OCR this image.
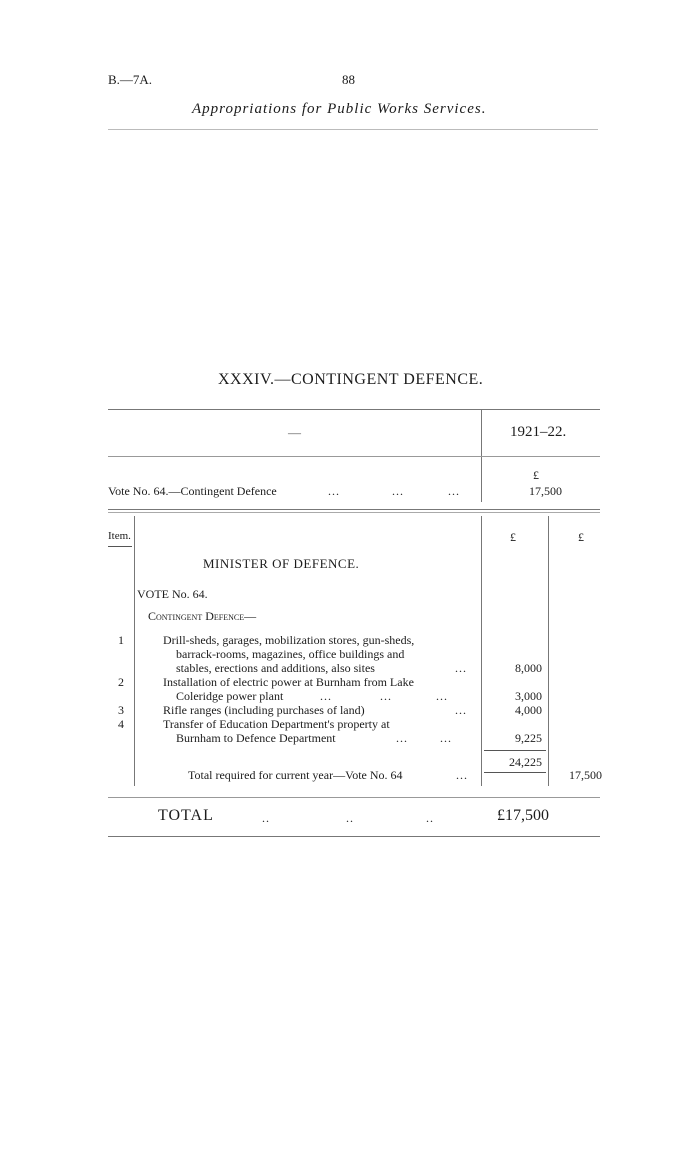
B.—7A.	88
Appropriations for Public Works Services.
XXXIV.—CONTINGENT DEFENCE.
—	1921–22.
£
Vote No. 64.—Contingent Defence	...             ...           ...	17,500
Item.	£	£
MINISTER OF DEFENCE.
VOTE No. 64.
Contingent Defence—
1	Drill-sheds, garages, mobilization stores, gun-sheds,
barrack-rooms, magazines, office buildings and
stables, erections and additions, also sites	...	8,000
2	Installation of electric power at Burnham from Lake
Coleridge power plant	...            ...           ...	3,000
3	Rifle ranges (including purchases of land)	...	4,000
4	Transfer of Education Department's property at
Burnham to Defence Department	...        ...	9,225
24,225
Total required for current year—Vote No. 64	...	17,500
TOTAL	..                   ..                  ..	£17,500
